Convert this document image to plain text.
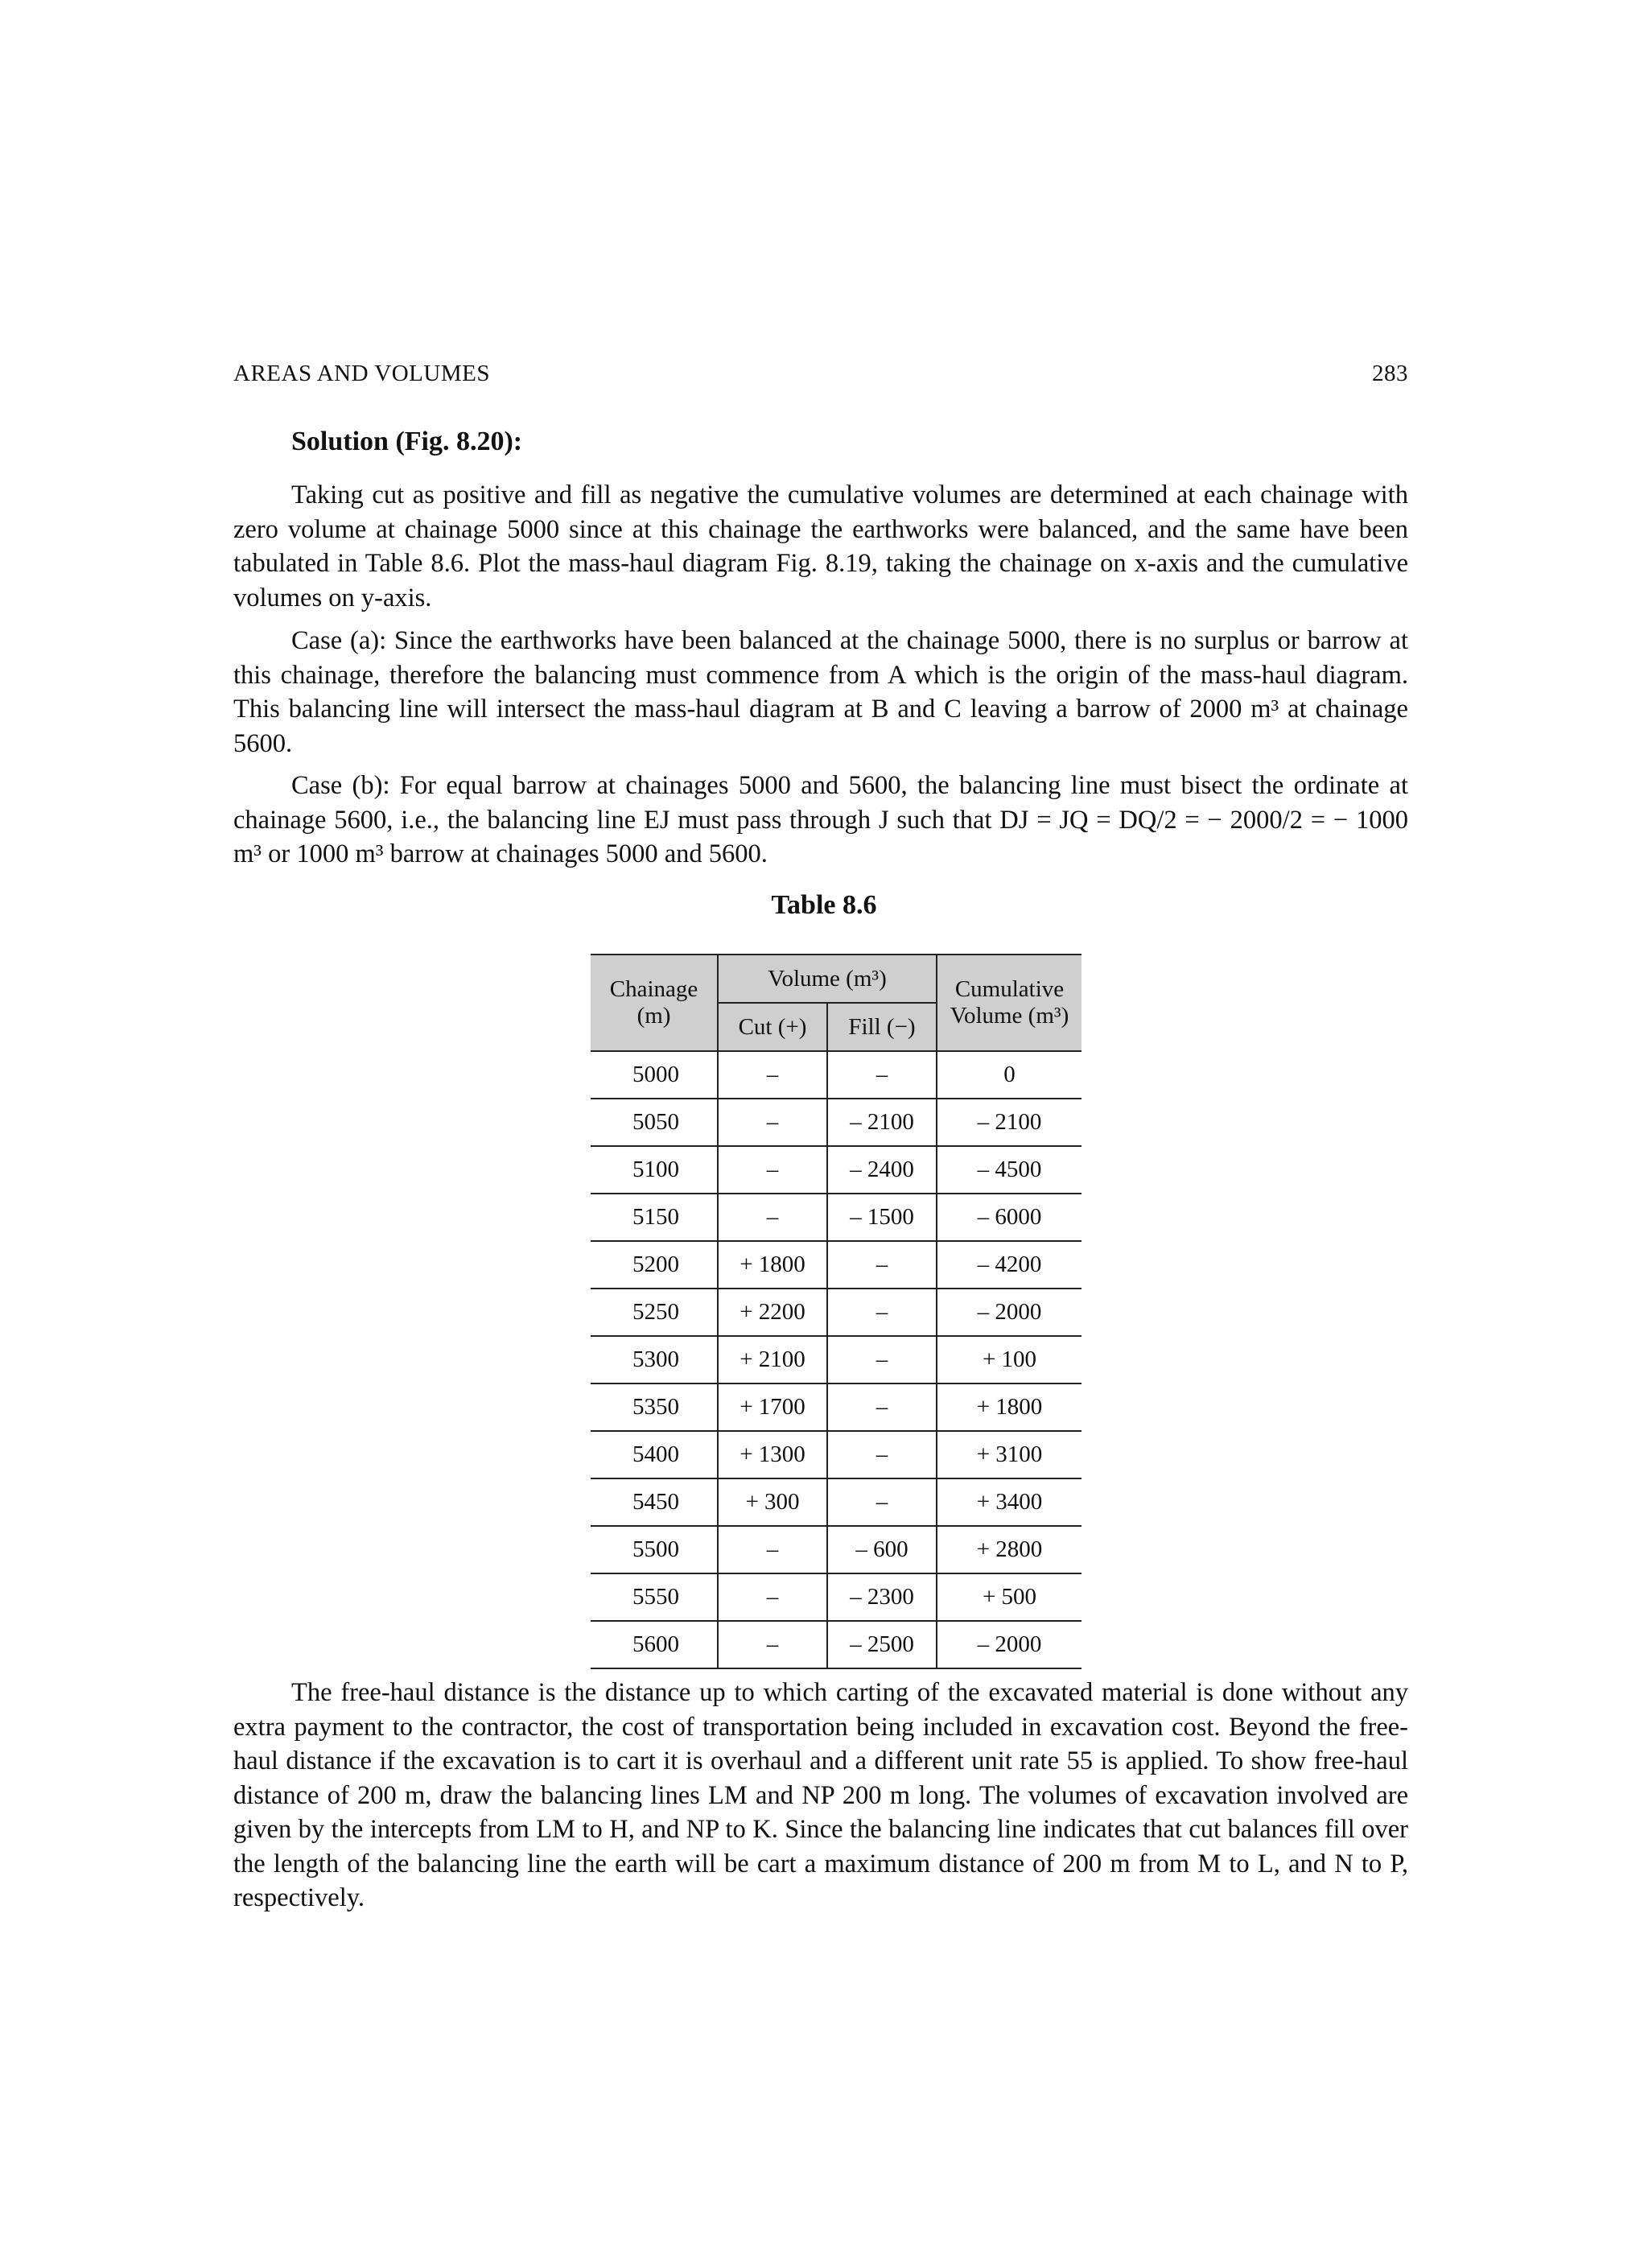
AREAS AND VOLUMES	283
Solution (Fig. 8.20):

Taking cut as positive and fill as negative the cumulative volumes are determined at each chainage with zero volume at chainage 5000 since at this chainage the earthworks were balanced, and the same have been tabulated in Table 8.6. Plot the mass-haul diagram Fig. 8.19, taking the chainage on x-axis and the cumulative volumes on y-axis.

Case (a): Since the earthworks have been balanced at the chainage 5000, there is no surplus or barrow at this chainage, therefore the balancing must commence from A which is the origin of the mass-haul diagram. This balancing line will intersect the mass-haul diagram at B and C leaving a barrow of 2000 m³ at chainage 5600.

Case (b): For equal barrow at chainages 5000 and 5600, the balancing line must bisect the ordinate at chainage 5600, i.e., the balancing line EJ must pass through J such that DJ = JQ = DQ/2 = − 2000/2 = − 1000 m³ or 1000 m³ barrow at chainages 5000 and 5600.

Table 8.6
Chainage (m)	Volume (m³)		Cumulative Volume (m³)
	Cut (+)	Fill (−)	
5000	–	–	0
5050	–	– 2100	– 2100
5100	–	– 2400	– 4500
5150	–	– 1500	– 6000
5200	+ 1800	–	– 4200
5250	+ 2200	–	– 2000
5300	+ 2100	–	+ 100
5350	+ 1700	–	+ 1800
5400	+ 1300	–	+ 3100
5450	+ 300	–	+ 3400
5500	–	– 600	+ 2800
5550	–	– 2300	+ 500
5600	–	– 2500	– 2000

The free-haul distance is the distance up to which carting of the excavated material is done without any extra payment to the contractor, the cost of transportation being included in excavation cost. Beyond the free-haul distance if the excavation is to cart it is overhaul and a different unit rate 55 is applied. To show free-haul distance of 200 m, draw the balancing lines LM and NP 200 m long. The volumes of excavation involved are given by the intercepts from LM to H, and NP to K. Since the balancing line indicates that cut balances fill over the length of the balancing line the earth will be cart a maximum distance of 200 m from M to L, and N to P, respectively.
